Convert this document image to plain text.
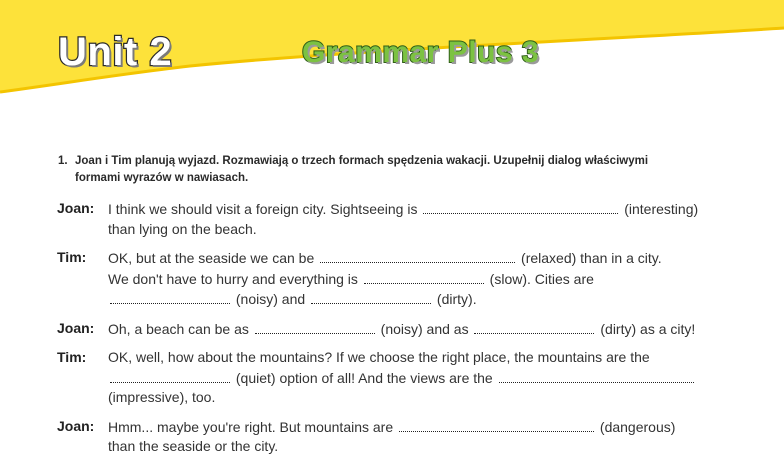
Unit 2	Grammar Plus 3
1. Joan i Tim planują wyjazd. Rozmawiają o trzech formach spędzenia wakacji. Uzupełnij dialog właściwymi
formami wyrazów w nawiasach.
Joan: I think we should visit a foreign city. Sightseeing is	(interesting)
than lying on the beach.
Tim:	OK, but at the seaside we can be	(relaxed) than in a city.
We don't have to hurry and everything is	(slow). Cities are
(noisy) and	(dirty).
Joan: Oh, a beach can be as	(noisy) and as	(dirty) as a city!
Tim:	OK, well, how about the mountains? If we choose the right place, the mountains are the
(quiet) option of all! And the views are the
(impressive), too.
Joan: Hmm... maybe you're right. But mountains are	(dangerous)
than the seaside or the city.
